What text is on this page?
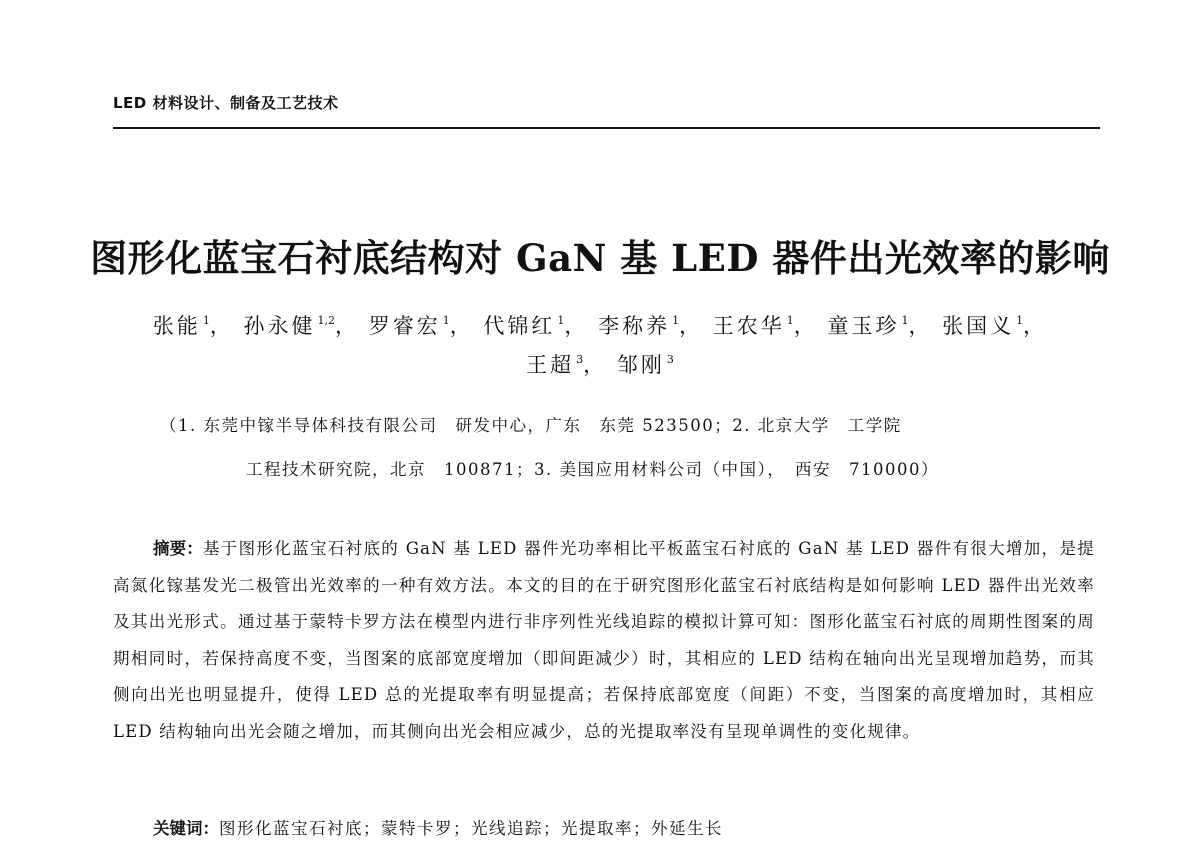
LED 材料设计、制备及工艺技术
图形化蓝宝石衬底结构对 GaN 基 LED 器件出光效率的影响
张能 $^1$， 孙永健 $^{1,2}$， 罗睿宏 $^1$， 代锦红 $^1$， 李称养 $^1$， 王农华 $^1$， 童玉珍 $^1$， 张国义 $^1$，
王超 $^3$， 邹刚 $^3$
（1. 东莞中镓半导体科技有限公司　研发中心，广东　东莞 523500；2. 北京大学　工学院
工程技术研究院，北京　100871；3. 美国应用材料公司（中国），　西安　710000）
摘要：基于图形化蓝宝石衬底的 GaN 基 LED 器件光功率相比平板蓝宝石衬底的 GaN 基 LED 器件有很大增加，是提高氮化镓基发光二极管出光效率的一种有效方法。本文的目的在于研究图形化蓝宝石衬底结构是如何影响 LED 器件出光效率及其出光形式。通过基于蒙特卡罗方法在模型内进行非序列性光线追踪的模拟计算可知：图形化蓝宝石衬底的周期性图案的周期相同时，若保持高度不变，当图案的底部宽度增加（即间距减少）时，其相应的 LED 结构在轴向出光呈现增加趋势，而其侧向出光也明显提升，使得 LED 总的光提取率有明显提高；若保持底部宽度（间距）不变，当图案的高度增加时，其相应 LED 结构轴向出光会随之增加，而其侧向出光会相应减少，总的光提取率没有呈现单调性的变化规律。
关键词：图形化蓝宝石衬底；蒙特卡罗；光线追踪；光提取率；外延生长
